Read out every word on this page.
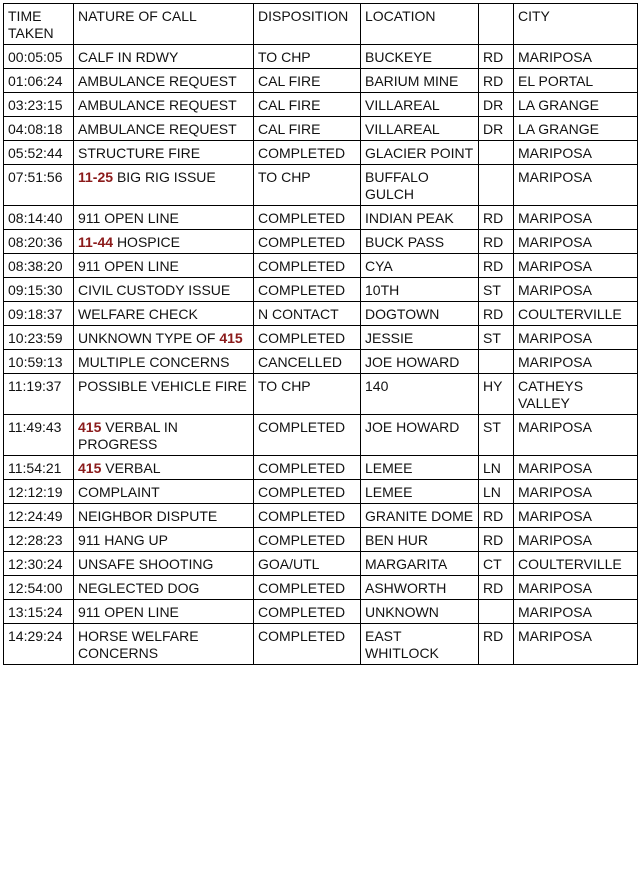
TIME TAKEN	NATURE OF CALL	DISPOSITION	LOCATION		CITY
00:05:05	CALF IN RDWY	TO CHP	BUCKEYE	RD	MARIPOSA
01:06:24	AMBULANCE REQUEST	CAL FIRE	BARIUM MINE	RD	EL PORTAL
03:23:15	AMBULANCE REQUEST	CAL FIRE	VILLAREAL	DR	LA GRANGE
04:08:18	AMBULANCE REQUEST	CAL FIRE	VILLAREAL	DR	LA GRANGE
05:52:44	STRUCTURE FIRE	COMPLETED	GLACIER POINT		MARIPOSA
07:51:56	11-25 BIG RIG ISSUE	TO CHP	BUFFALO GULCH		MARIPOSA
08:14:40	911 OPEN LINE	COMPLETED	INDIAN PEAK	RD	MARIPOSA
08:20:36	11-44 HOSPICE	COMPLETED	BUCK PASS	RD	MARIPOSA
08:38:20	911 OPEN LINE	COMPLETED	CYA	RD	MARIPOSA
09:15:30	CIVIL CUSTODY ISSUE	COMPLETED	10TH	ST	MARIPOSA
09:18:37	WELFARE CHECK	N CONTACT	DOGTOWN	RD	COULTERVILLE
10:23:59	UNKNOWN TYPE OF 415	COMPLETED	JESSIE	ST	MARIPOSA
10:59:13	MULTIPLE CONCERNS	CANCELLED	JOE HOWARD		MARIPOSA
11:19:37	POSSIBLE VEHICLE FIRE	TO CHP	140	HY	CATHEYS VALLEY
11:49:43	415 VERBAL IN PROGRESS	COMPLETED	JOE HOWARD	ST	MARIPOSA
11:54:21	415 VERBAL	COMPLETED	LEMEE	LN	MARIPOSA
12:12:19	COMPLAINT	COMPLETED	LEMEE	LN	MARIPOSA
12:24:49	NEIGHBOR DISPUTE	COMPLETED	GRANITE DOME	RD	MARIPOSA
12:28:23	911 HANG UP	COMPLETED	BEN HUR	RD	MARIPOSA
12:30:24	UNSAFE SHOOTING	GOA/UTL	MARGARITA	CT	COULTERVILLE
12:54:00	NEGLECTED DOG	COMPLETED	ASHWORTH	RD	MARIPOSA
13:15:24	911 OPEN LINE	COMPLETED	UNKNOWN		MARIPOSA
14:29:24	HORSE WELFARE CONCERNS	COMPLETED	EAST WHITLOCK	RD	MARIPOSA
